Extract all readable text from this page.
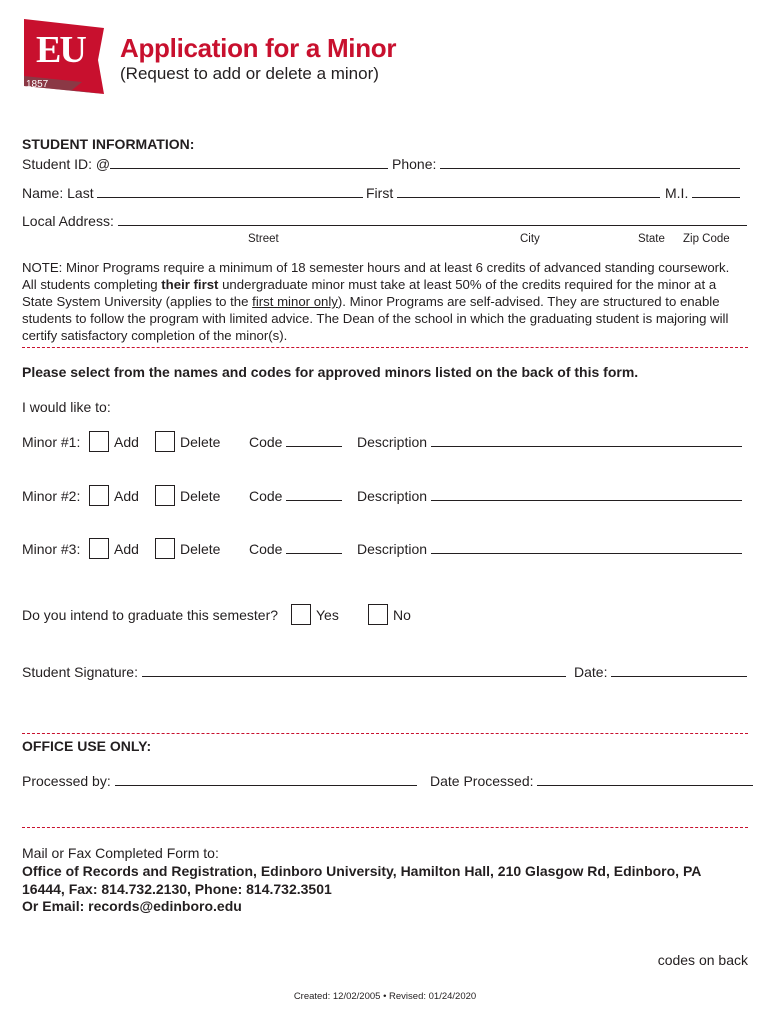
EU
1857
Application for a Minor
(Request to add or delete a minor)
STUDENT INFORMATION:
Student ID: @	Phone:
Name: Last	First	M.I.
Local Address:
Street	City	State Zip Code
NOTE: Minor Programs require a minimum of 18 semester hours and at least 6 credits of advanced standing coursework. All students completing their first undergraduate minor must take at least 50% of the credits required for the minor at a State System University (applies to the first minor only). Minor Programs are self-advised. They are structured to enable students to follow the program with limited advice. The Dean of the school in which the graduating student is majoring will certify satisfactory completion of the minor(s).
Please select from the names and codes for approved minors listed on the back of this form.
I would like to:
Minor #1: Add	Delete Code	Description
Minor #2: Add	Delete Code	Description
Minor #3: Add	Delete Code	Description
Do you intend to graduate this semester?	Yes	No
Student Signature:	Date:
OFFICE USE ONLY:
Processed by:	Date Processed:
Mail or Fax Completed Form to:
Office of Records and Registration, Edinboro University, Hamilton Hall, 210 Glasgow Rd, Edinboro, PA
16444, Fax: 814.732.2130, Phone: 814.732.3501
Or Email: records@edinboro.edu
codes on back
Created: 12/02/2005 • Revised: 01/24/2020
